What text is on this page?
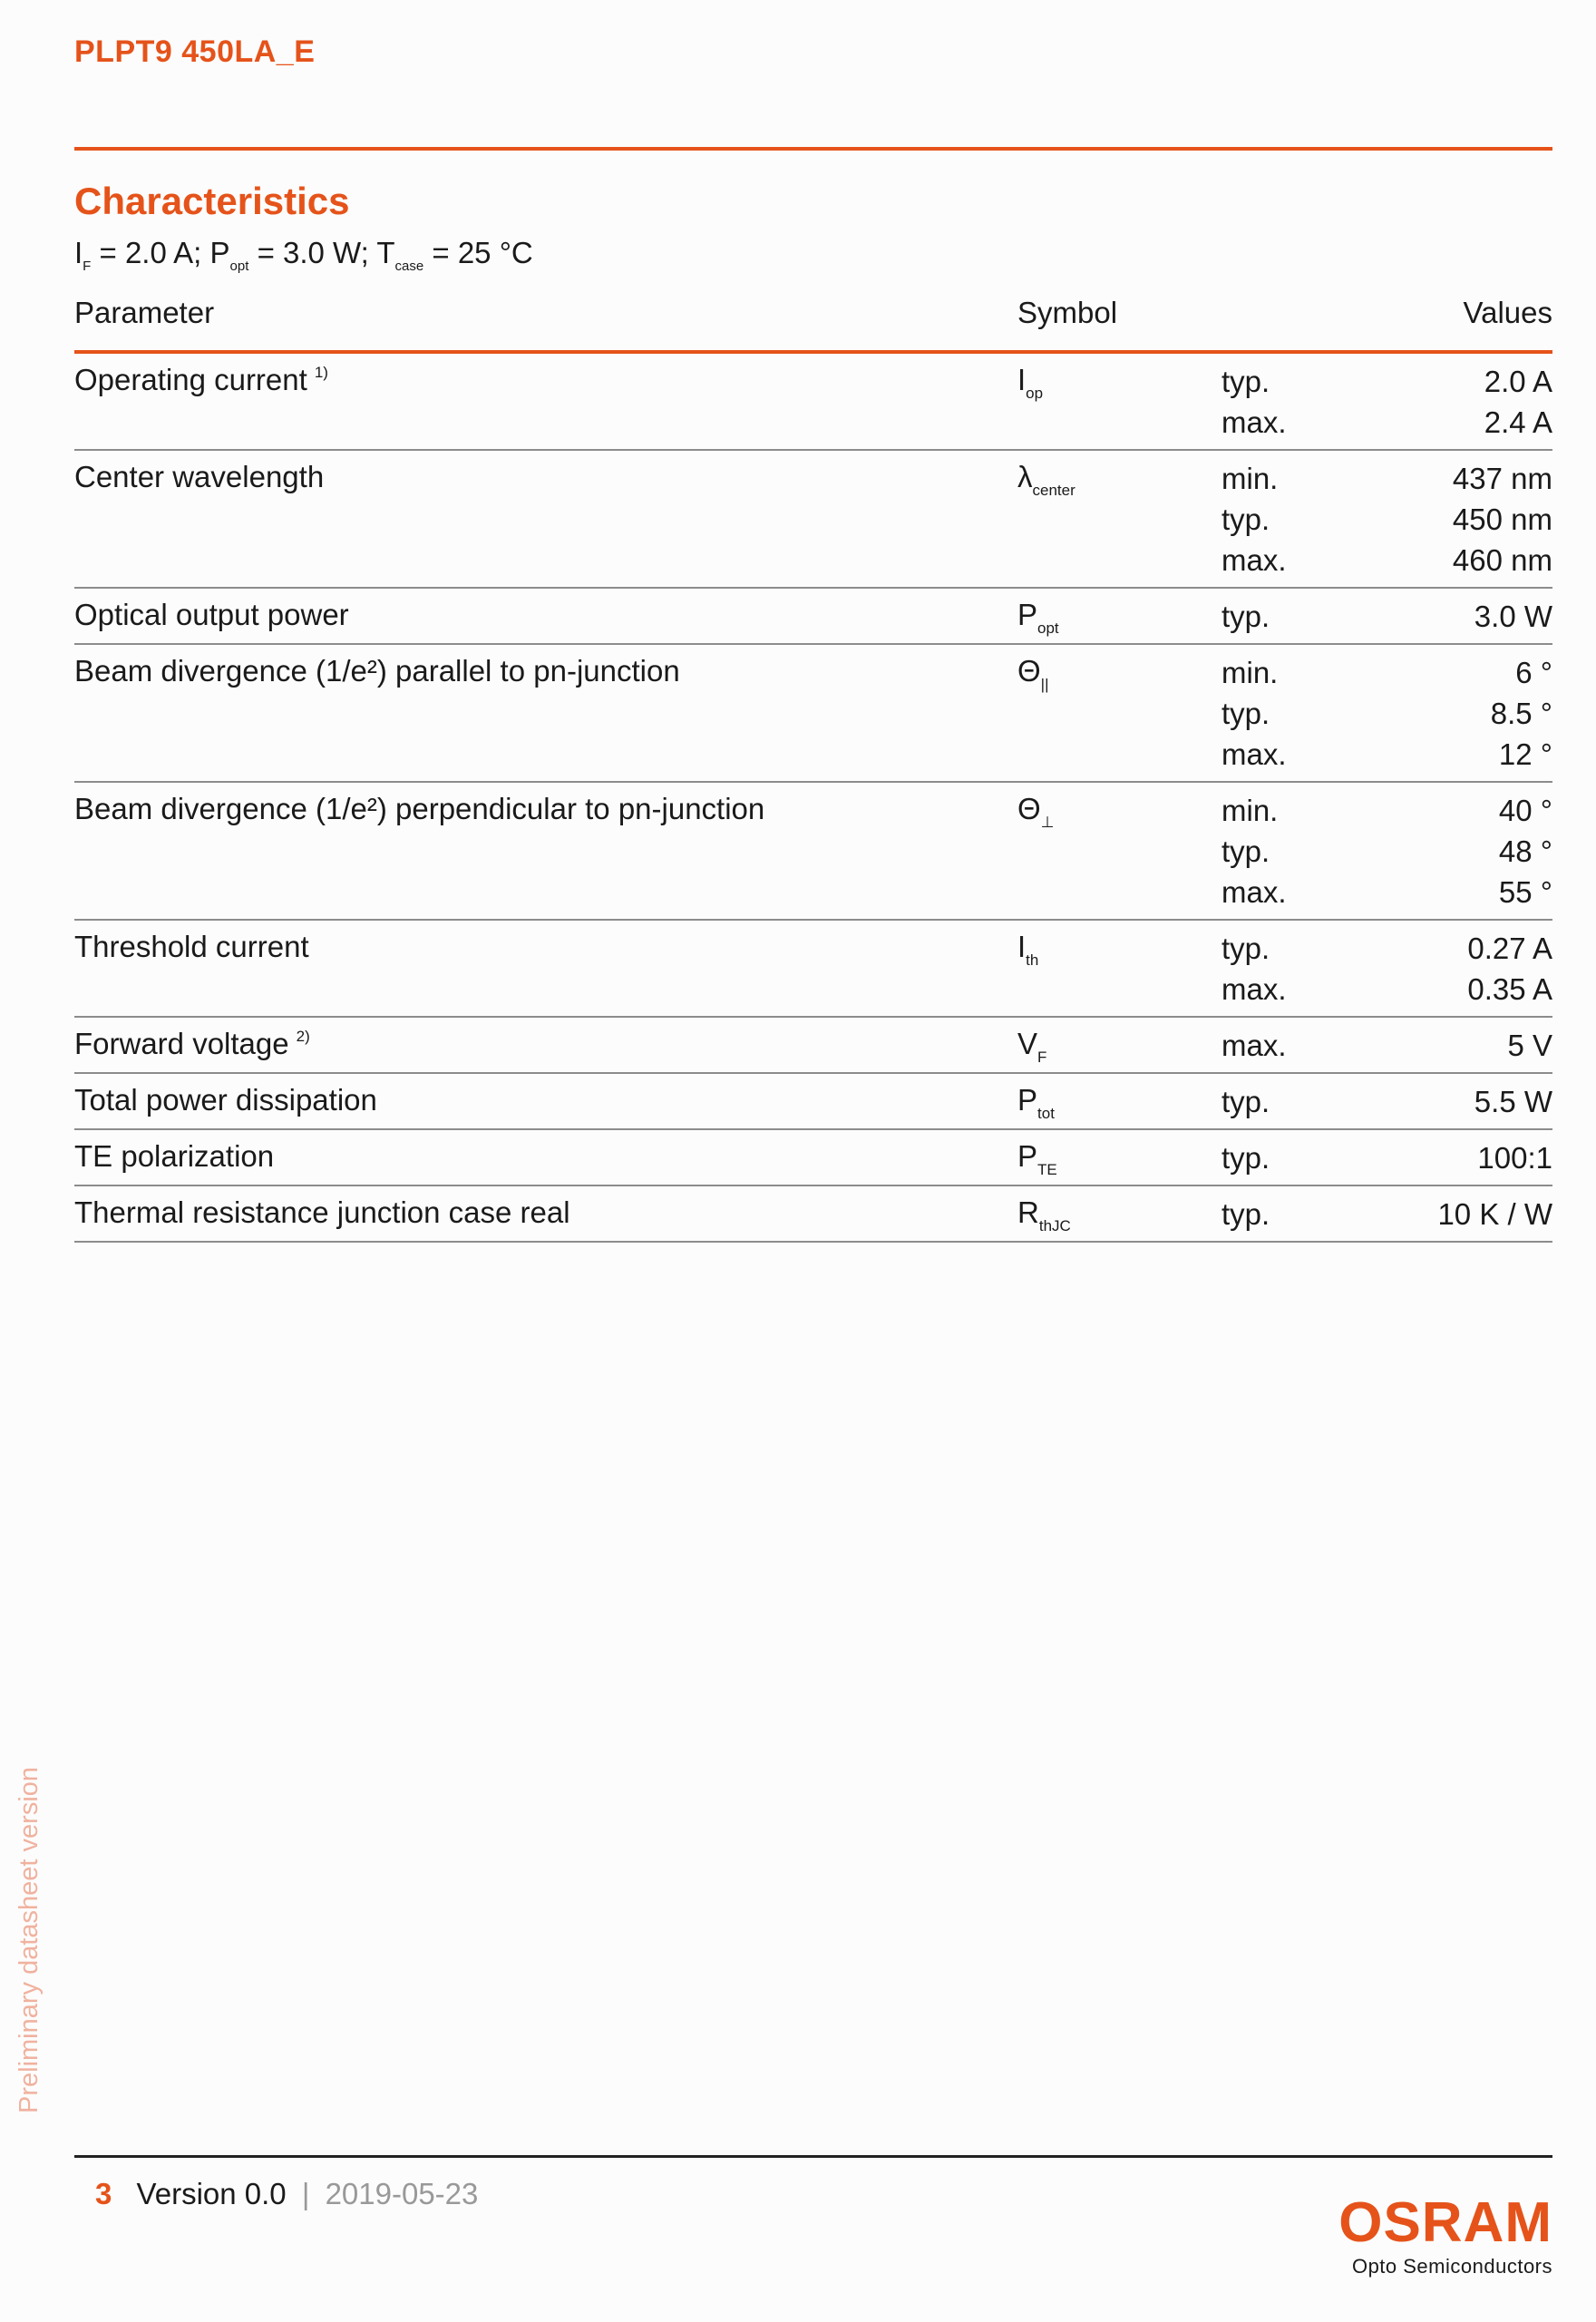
PLPT9 450LA_E
Characteristics
$I_F = 2.0$ A; $P_{opt} = 3.0$ W; $T_{case} = 25$ °C
Parameter	Symbol	Values
Operating current $^{1)}$	$I_{op}$	typ.	2.0 A
max.	2.4 A
Center wavelength	$\lambda_{center}$	min.	437 nm
typ.	450 nm
max.	460 nm
Optical output power	$P_{opt}$	typ.	3.0 W
Beam divergence (1/e²) parallel to pn-junction	$\Theta_{||}$	min.	6 °
typ.	8.5 °
max.	12 °
Beam divergence (1/e²) perpendicular to pn-junction	$\Theta_\perp$	min.	40 °
typ.	48 °
max.	55 °
Threshold current	$I_{th}$	typ.	0.27 A
max.	0.35 A
Forward voltage $^{2)}$	$V_F$	max.	5 V
Total power dissipation	$P_{tot}$	typ.	5.5 W
TE polarization	$P_{TE}$	typ.	100:1
Thermal resistance junction case real	$R_{thJC}$	typ.	10 K / W
Preliminary datasheet version
3 Version 0.0 | 2019-05-23	OSRAM
Opto Semiconductors
